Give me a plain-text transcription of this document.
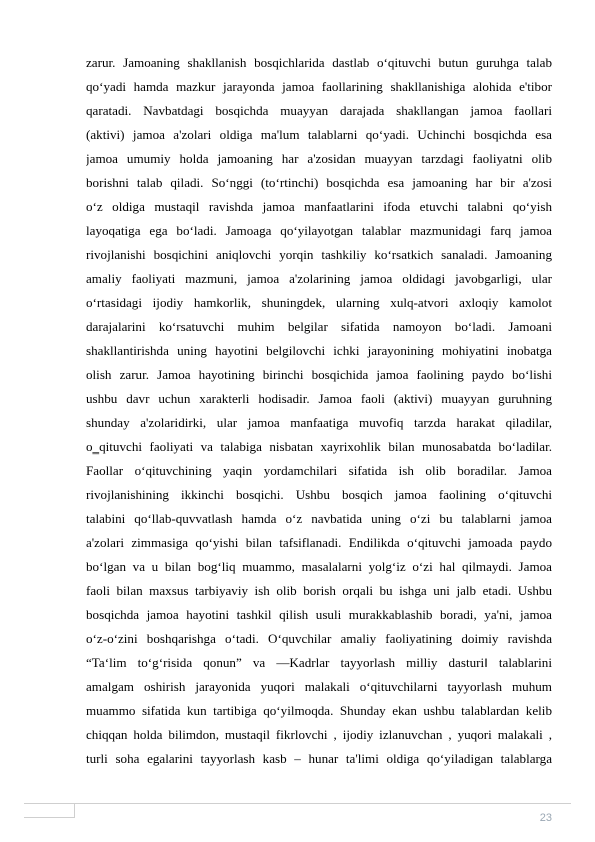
zarur. Jamoaning shakllanish bosqichlarida dastlab o‘qituvchi butun guruhga talab
qo‘yadi hamda mazkur jarayonda jamoa faollarining shakllanishiga alohida e'tibor
qaratadi. Navbatdagi bosqichda muayyan darajada shakllangan jamoa faollari
(aktivi) jamoa a'zolari oldiga ma'lum talablarni qo‘yadi. Uchinchi bosqichda esa
jamoa umumiy holda jamoaning har a'zosidan muayyan tarzdagi faoliyatni olib
borishni talab qiladi. So‘nggi (to‘rtinchi) bosqichda esa jamoaning har bir a'zosi
o‘z oldiga mustaqil ravishda jamoa manfaatlarini ifoda etuvchi talabni qo‘yish
layoqatiga ega bo‘ladi. Jamoaga qo‘yilayotgan talablar mazmunidagi farq jamoa
rivojlanishi bosqichini aniqlovchi yorqin tashkiliy ko‘rsatkich sanaladi. Jamoaning
amaliy faoliyati mazmuni, jamoa a'zolarining jamoa oldidagi javobgarligi, ular
o‘rtasidagi ijodiy hamkorlik, shuningdek, ularning xulq-atvori axloqiy kamolot
darajalarini ko‘rsatuvchi muhim belgilar sifatida namoyon bo‘ladi. Jamoani
shakllantirishda uning hayotini belgilovchi ichki jarayonining mohiyatini inobatga
olish zarur. Jamoa hayotining birinchi bosqichida jamoa faolining paydo bo‘lishi
ushbu davr uchun xarakterli hodisadir. Jamoa faoli (aktivi) muayyan guruhning
shunday a'zolaridirki, ular jamoa manfaatiga muvofiq tarzda harakat qiladilar,
o‗qituvchi faoliyati va talabiga nisbatan xayrixohlik bilan munosabatda bo‘ladilar.
Faollar o‘qituvchining yaqin yordamchilari sifatida ish olib boradilar. Jamoa
rivojlanishining ikkinchi bosqichi. Ushbu bosqich jamoa faolining o‘qituvchi
talabini qo‘llab-quvvatlash hamda o‘z navbatida uning o‘zi bu talablarni jamoa
a'zolari zimmasiga qo‘yishi bilan tafsiflanadi. Endilikda o‘qituvchi jamoada paydo
bo‘lgan va u bilan bog‘liq muammo, masalalarni yolg‘iz o‘zi hal qilmaydi. Jamoa
faoli bilan maxsus tarbiyaviy ish olib borish orqali bu ishga uni jalb etadi. Ushbu
bosqichda jamoa hayotini tashkil qilish usuli murakkablashib boradi, ya'ni, jamoa
o‘z-o‘zini boshqarishga o‘tadi. O‘quvchilar amaliy faoliyatining doimiy ravishda
“Ta‘lim to‘g‘risida qonun” va ―Kadrlar tayyorlash milliy dasturi‖ talablarini
amalgam oshirish jarayonida yuqori malakali o‘qituvchilarni tayyorlash muhum
muammo sifatida kun tartibiga qo‘yilmoqda. Shunday ekan ushbu talablardan kelib
chiqqan holda bilimdon, mustaqil fikrlovchi , ijodiy izlanuvchan , yuqori malakali ,
turli soha egalarini tayyorlash kasb – hunar ta'limi oldiga qo‘yiladigan talablarga
23
